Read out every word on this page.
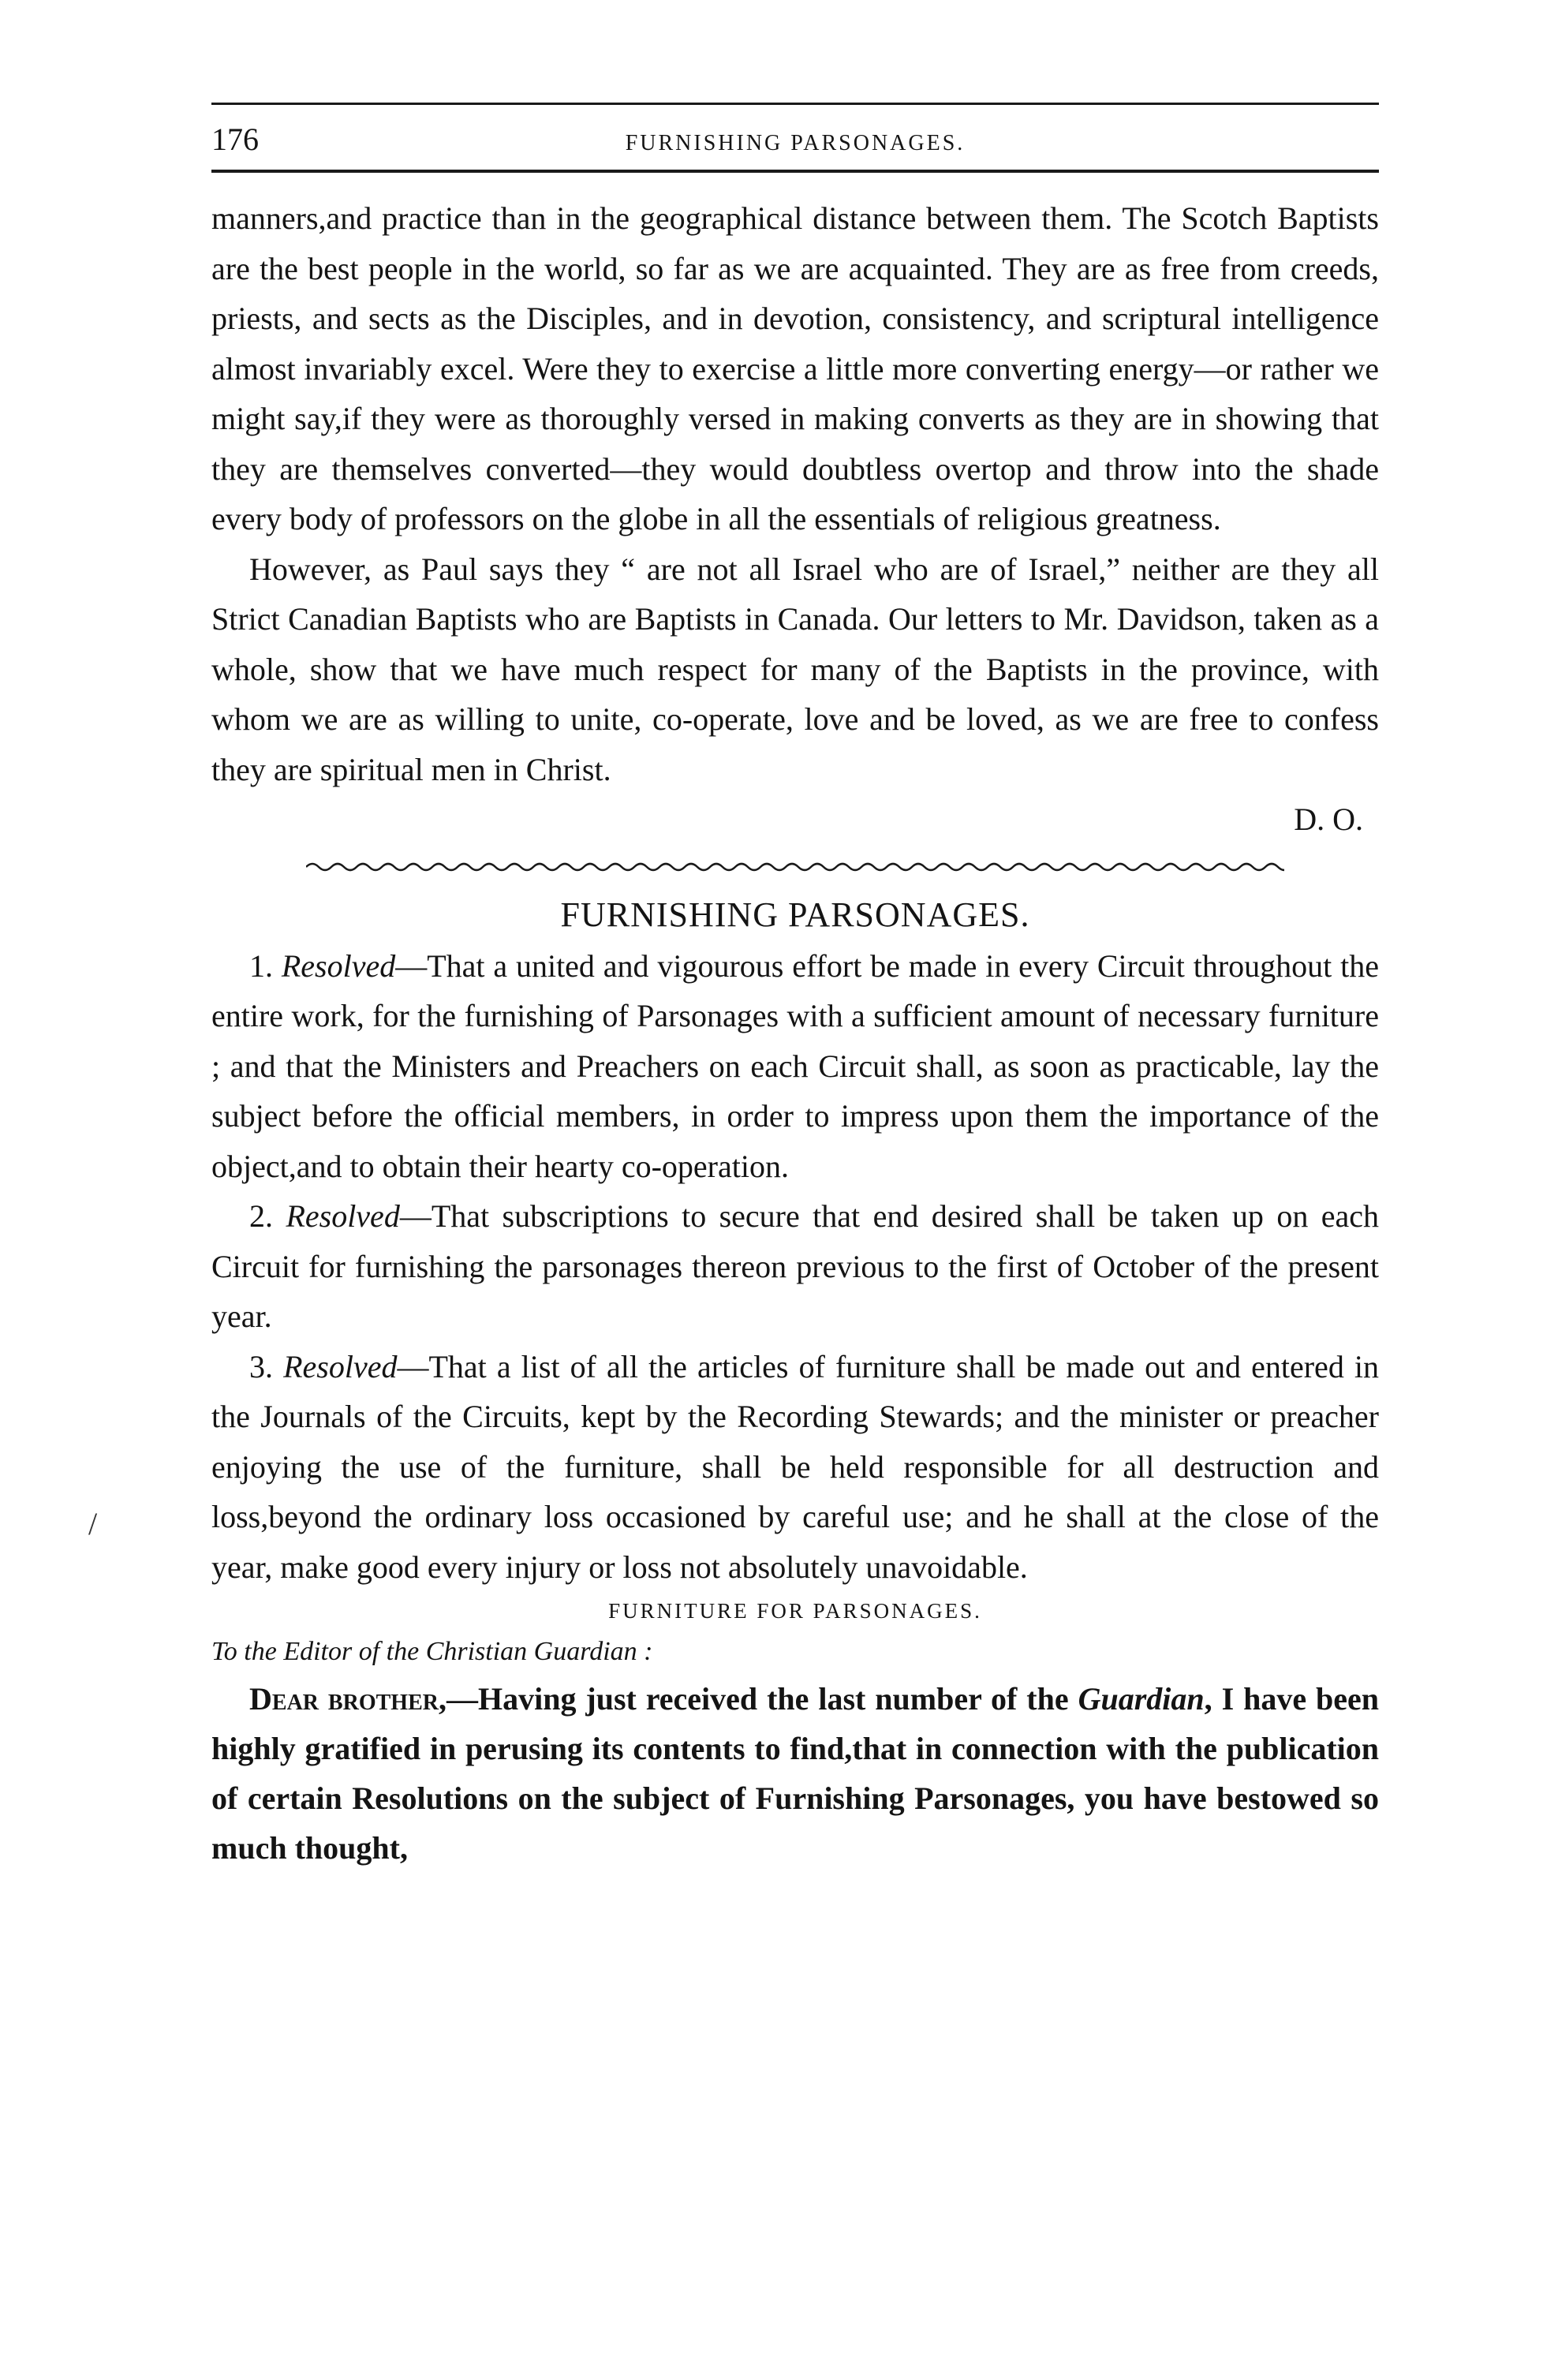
176	FURNISHING PARSONAGES.

manners,and practice than in the geographical distance between them. The Scotch Baptists are the best people in the world, so far as we are acquainted. They are as free from creeds, priests, and sects as the Disciples, and in devotion, consistency, and scriptural intelligence almost invariably excel. Were they to exercise a little more converting energy—or rather we might say,if they were as thoroughly versed in making converts as they are in showing that they are themselves converted—they would doubtless overtop and throw into the shade every body of professors on the globe in all the essentials of religious greatness.

However, as Paul says they “ are not all Israel who are of Israel,” neither are they all Strict Canadian Baptists who are Baptists in Canada. Our letters to Mr. Davidson, taken as a whole, show that we have much respect for many of the Baptists in the province, with whom we are as willing to unite, co-operate, love and be loved, as we are free to confess they are spiritual men in Christ.

D. O.

FURNISHING PARSONAGES.

1. Resolved—That a united and vigourous effort be made in every Circuit throughout the entire work, for the furnishing of Parsonages with a sufficient amount of necessary furniture ; and that the Ministers and Preachers on each Circuit shall, as soon as practicable, lay the subject before the official members, in order to impress upon them the importance of the object,and to obtain their hearty co-operation.

2. Resolved—That subscriptions to secure that end desired shall be taken up on each Circuit for furnishing the parsonages thereon previous to the first of October of the present year.

3. Resolved—That a list of all the articles of furniture shall be made out and entered in the Journals of the Circuits, kept by the Recording Stewards; and the minister or preacher enjoying the use of the furniture, shall be held responsible for all destruction and loss,beyond the ordinary loss occasioned by careful use; and he shall at the close of the year, make good every injury or loss not absolutely unavoidable.

FURNITURE FOR PARSONAGES.

To the Editor of the Christian Guardian :

Dear brother,—Having just received the last number of the Guardian, I have been highly gratified in perusing its contents to find,that in connection with the publication of certain Resolutions on the subject of Furnishing Parsonages, you have bestowed so much thought,

/
